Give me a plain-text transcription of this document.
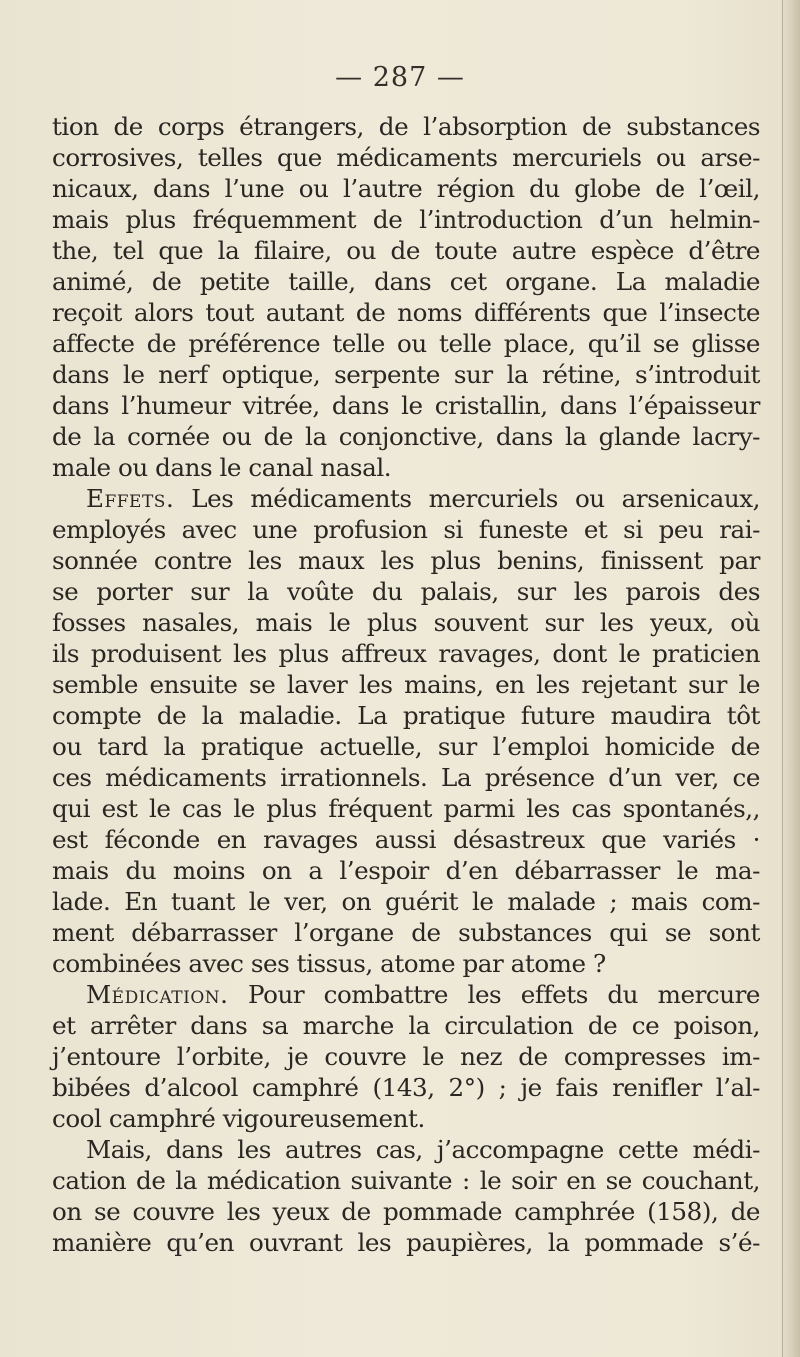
— 287 —
tion de corps étrangers, de l’absorption de substances
corrosives, telles que médicaments mercuriels ou arse-
nicaux, dans l’une ou l’autre région du globe de l’œil,
mais plus fréquemment de l’introduction d’un helmin-
the, tel que la filaire, ou de toute autre espèce d’être
animé, de petite taille, dans cet organe. La maladie
reçoit alors tout autant de noms différents que l’insecte
affecte de préférence telle ou telle place, qu’il se glisse
dans le nerf optique, serpente sur la rétine, s’introduit
dans l’humeur vitrée, dans le cristallin, dans l’épaisseur
de la cornée ou de la conjonctive, dans la glande lacry-
male ou dans le canal nasal.
Effets. Les médicaments mercuriels ou arsenicaux,
employés avec une profusion si funeste et si peu rai-
sonnée contre les maux les plus benins, finissent par
se porter sur la voûte du palais, sur les parois des
fosses nasales, mais le plus souvent sur les yeux, où
ils produisent les plus affreux ravages, dont le praticien
semble ensuite se laver les mains, en les rejetant sur le
compte de la maladie. La pratique future maudira tôt
ou tard la pratique actuelle, sur l’emploi homicide de
ces médicaments irrationnels. La présence d’un ver, ce
qui est le cas le plus fréquent parmi les cas spontanés,,
est féconde en ravages aussi désastreux que variés ·
mais du moins on a l’espoir d’en débarrasser le ma-
lade. En tuant le ver, on guérit le malade ; mais com-
ment débarrasser l’organe de substances qui se sont
combinées avec ses tissus, atome par atome ?
Médication. Pour combattre les effets du mercure
et arrêter dans sa marche la circulation de ce poison,
j’entoure l’orbite, je couvre le nez de compresses im-
bibées d’alcool camphré (143, 2°) ; je fais renifler l’al-
cool camphré vigoureusement.
Mais, dans les autres cas, j’accompagne cette médi-
cation de la médication suivante : le soir en se couchant,
on se couvre les yeux de pommade camphrée (158), de
manière qu’en ouvrant les paupières, la pommade s’é-
